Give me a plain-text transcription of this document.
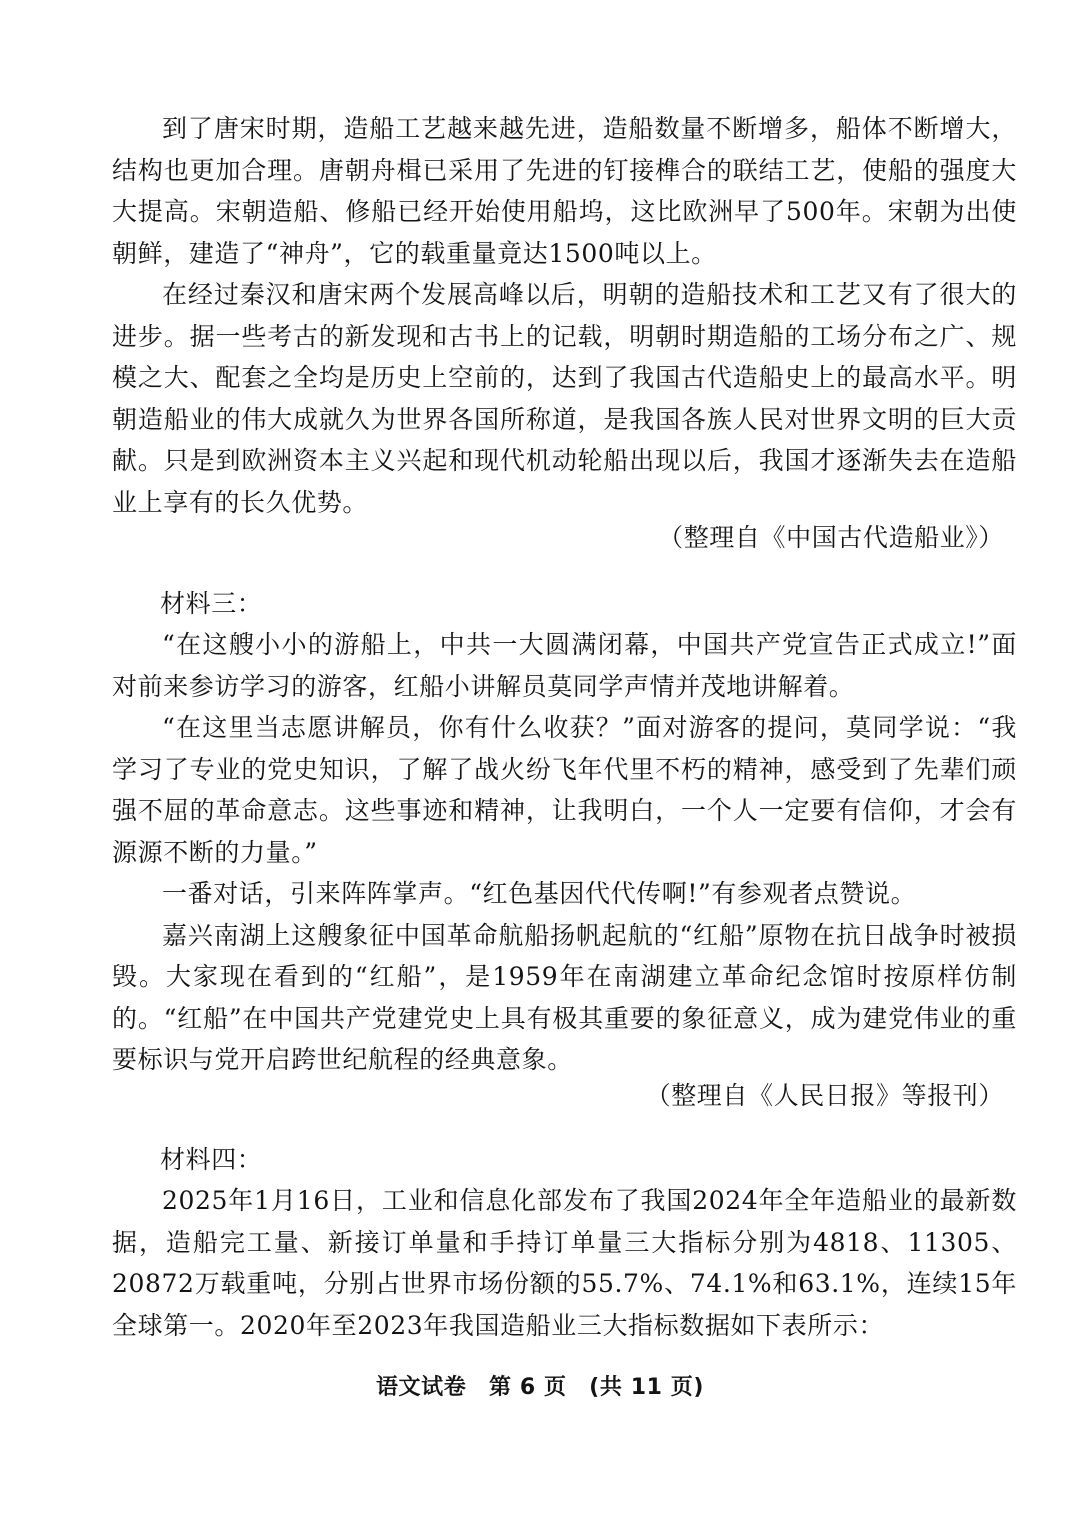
到了唐宋时期，造船工艺越来越先进，造船数量不断增多，船体不断增大，结构也更加合理。唐朝舟楫已采用了先进的钉接榫合的联结工艺，使船的强度大大提高。宋朝造船、修船已经开始使用船坞，这比欧洲早了500年。宋朝为出使朝鲜，建造了“神舟”，它的载重量竟达1500吨以上。

在经过秦汉和唐宋两个发展高峰以后，明朝的造船技术和工艺又有了很大的进步。据一些考古的新发现和古书上的记载，明朝时期造船的工场分布之广、规模之大、配套之全均是历史上空前的，达到了我国古代造船史上的最高水平。明朝造船业的伟大成就久为世界各国所称道，是我国各族人民对世界文明的巨大贡献。只是到欧洲资本主义兴起和现代机动轮船出现以后，我国才逐渐失去在造船业上享有的长久优势。

（整理自《中国古代造船业》）
材料三：

“在这艘小小的游船上，中共一大圆满闭幕，中国共产党宣告正式成立!”面对前来参访学习的游客，红船小讲解员莫同学声情并茂地讲解着。

“在这里当志愿讲解员，你有什么收获？”面对游客的提问，莫同学说：“我学习了专业的党史知识，了解了战火纷飞年代里不朽的精神，感受到了先辈们顽强不屈的革命意志。这些事迹和精神，让我明白，一个人一定要有信仰，才会有源源不断的力量。”

一番对话，引来阵阵掌声。“红色基因代代传啊!”有参观者点赞说。

嘉兴南湖上这艘象征中国革命航船扬帆起航的“红船”原物在抗日战争时被损毁。大家现在看到的“红船”，是1959年在南湖建立革命纪念馆时按原样仿制的。“红船”在中国共产党建党史上具有极其重要的象征意义，成为建党伟业的重要标识与党开启跨世纪航程的经典意象。

（整理自《人民日报》等报刊）
材料四：

2025年1月16日，工业和信息化部发布了我国2024年全年造船业的最新数据，造船完工量、新接订单量和手持订单量三大指标分别为4818、11305、20872万载重吨，分别占世界市场份额的55.7%、74.1%和63.1%，连续15年全球第一。2020年至2023年我国造船业三大指标数据如下表所示：

语文试卷　第 6 页　(共 11 页)
